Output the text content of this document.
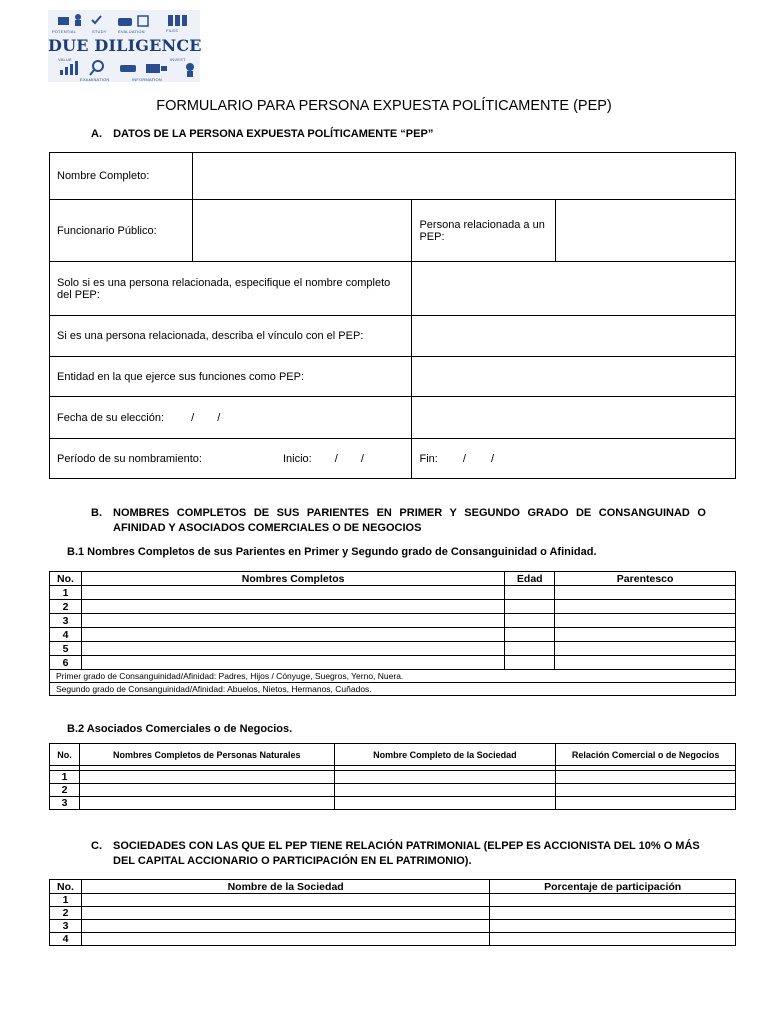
POTENTIAL	STUDY	EVALUATION	FILES
DUE DILIGENCE
VALUE	INVEST
EXAMINATION	INFORMATION
FORMULARIO PARA PERSONA EXPUESTA POLÍTICAMENTE (PEP)
A. DATOS DE LA PERSONA EXPUESTA POLÍTICAMENTE “PEP”
Nombre Completo:			
Funcionario Público:		Persona relacionada a un PEP:	
Solo si es una persona relacionada, especifique el nombre completo del PEP:			
Si es una persona relacionada, describa el vínculo con el PEP:			
Entidad en la que ejerce sus funciones como PEP:			
Fecha de su elección: / /			
Período de su nombramiento: Inicio: / /		Fin: / /	
B.	NOMBRES COMPLETOS DE SUS PARIENTES EN PRIMER Y SEGUNDO GRADO DE CONSANGUINAD O AFINIDAD Y ASOCIADOS COMERCIALES O DE NEGOCIOS
B.1 Nombres Completos de sus Parientes en Primer y Segundo grado de Consanguinidad o Afinidad.
No.	Nombres Completos	Edad	Parentesco
1			
2			
3			
4			
5			
6			
Primer grado de Consanguinidad/Afinidad: Padres, Hijos / Cónyuge, Suegros, Yerno, Nuera.			
Segundo grado de Consanguinidad/Afinidad: Abuelos, Nietos, Hermanos, Cuñados.			
B.2 Asociados Comerciales o de Negocios.
No.	Nombres Completos de Personas Naturales	Nombre Completo de la Sociedad	Relación Comercial o de Negocios

1			
2			
3			
C.	SOCIEDADES CON LAS QUE EL PEP TIENE RELACIÓN PATRIMONIAL (ELPEP ES ACCIONISTA DEL 10% O MÁS DEL CAPITAL ACCIONARIO O PARTICIPACIÓN EN EL PATRIMONIO).
No.	Nombre de la Sociedad	Porcentaje de participación
1		
2		
3		
4		
